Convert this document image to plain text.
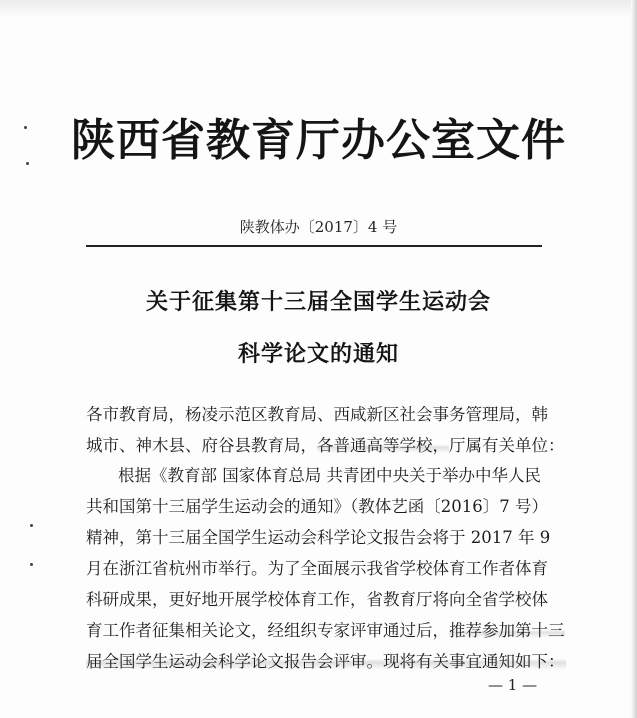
陕西省教育厅办公室文件
陕教体办〔2017〕4 号
关于征集第十三届全国学生运动会
科学论文的通知
各市教育局，杨凌示范区教育局、西咸新区社会事务管理局，韩
城市、神木县、府谷县教育局，各普通高等学校，厅属有关单位：
根据《教育部 国家体育总局 共青团中央关于举办中华人民
共和国第十三届学生运动会的通知》（教体艺函〔2016〕7 号）
精神，第十三届全国学生运动会科学论文报告会将于 2017 年 9
月在浙江省杭州市举行。为了全面展示我省学校体育工作者体育
科研成果，更好地开展学校体育工作，省教育厅将向全省学校体
育工作者征集相关论文，经组织专家评审通过后，推荐参加第十三
届全国学生运动会科学论文报告会评审。现将有关事宜通知如下：
— 1 —
